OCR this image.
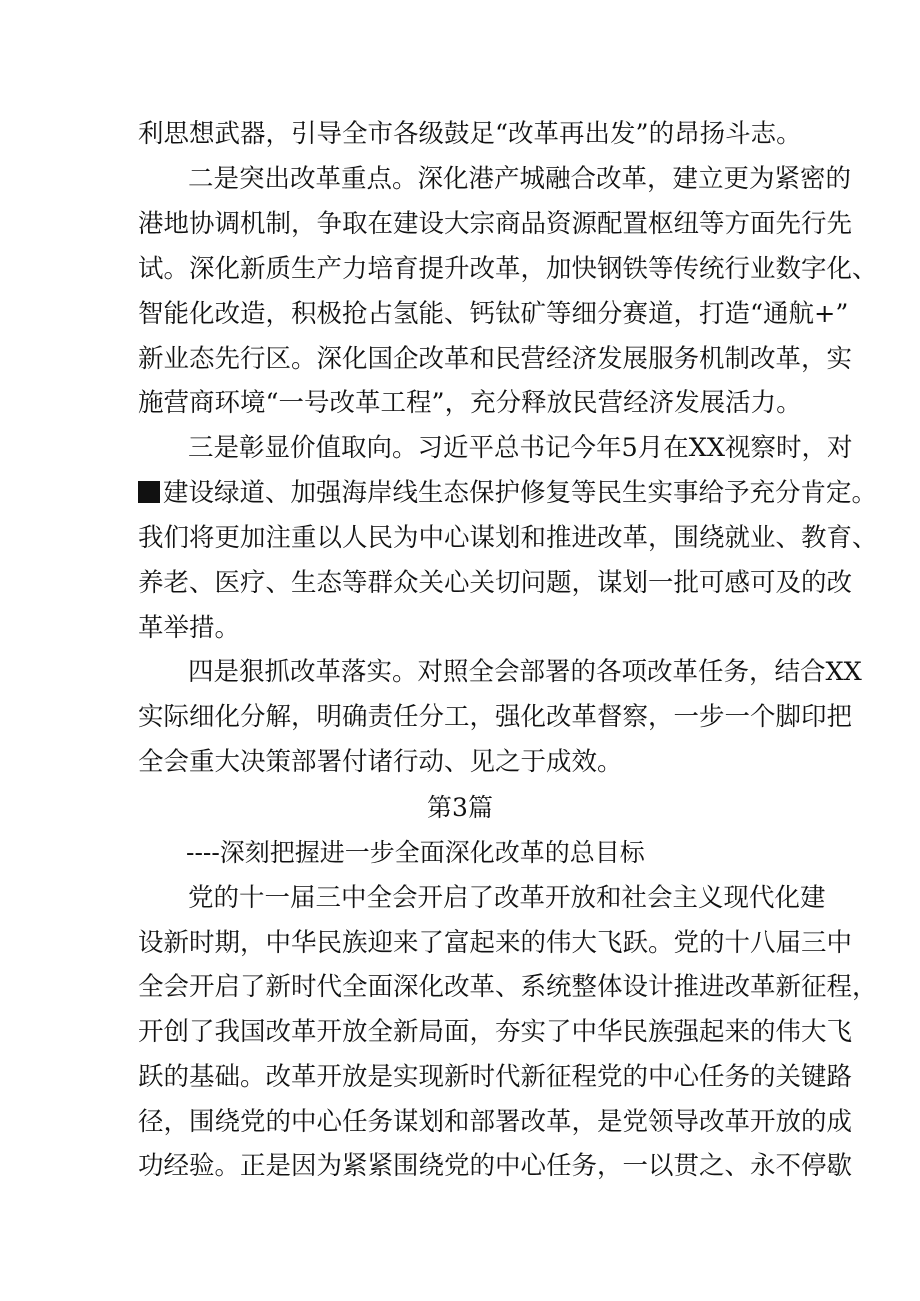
利思想武器，引导全市各级鼓足“改革再出发”的昂扬斗志。
二是突出改革重点。深化港产城融合改革，建立更为紧密的
港地协调机制，争取在建设大宗商品资源配置枢纽等方面先行先
试。深化新质生产力培育提升改革，加快钢铁等传统行业数字化、
智能化改造，积极抢占氢能、钙钛矿等细分赛道，打造“通航+”
新业态先行区。深化国企改革和民营经济发展服务机制改革，实
施营商环境“一号改革工程”，充分释放民营经济发展活力。
三是彰显价值取向。习近平总书记今年5月在XX视察时，对
建设绿道、加强海岸线生态保护修复等民生实事给予充分肯定。
我们将更加注重以人民为中心谋划和推进改革，围绕就业、教育、
养老、医疗、生态等群众关心关切问题，谋划一批可感可及的改
革举措。
四是狠抓改革落实。对照全会部署的各项改革任务，结合XX
实际细化分解，明确责任分工，强化改革督察，一步一个脚印把
全会重大决策部署付诸行动、见之于成效。
第3篇
----深刻把握进一步全面深化改革的总目标
党的十一届三中全会开启了改革开放和社会主义现代化建
设新时期，中华民族迎来了富起来的伟大飞跃。党的十八届三中
全会开启了新时代全面深化改革、系统整体设计推进改革新征程，
开创了我国改革开放全新局面，夯实了中华民族强起来的伟大飞
跃的基础。改革开放是实现新时代新征程党的中心任务的关键路
径，围绕党的中心任务谋划和部署改革，是党领导改革开放的成
功经验。正是因为紧紧围绕党的中心任务，一以贯之、永不停歇
